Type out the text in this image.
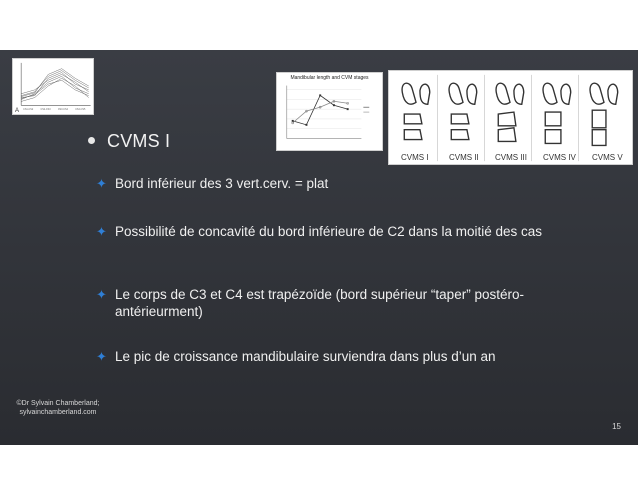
CS1-CS2	CS2-CS3	CS3-CS4	CS4-CS5
A
Mandibular length and CVM stages
CVMS I	CVMS II CVMS III CVMS IV CVMS V
CVMS I
✦ Bord inférieur des 3 vert.cerv. = plat
✦ Possibilité de concavité du bord inférieure de C2 dans la moitié des cas
✦ Le corps de C3 et C4 est trapézoïde (bord supérieur “taper” postéro-antérieurment)
✦ Le pic de croissance mandibulaire surviendra dans plus d’un an
©Dr Sylvain Chamberland;
sylvainchamberland.com
15
